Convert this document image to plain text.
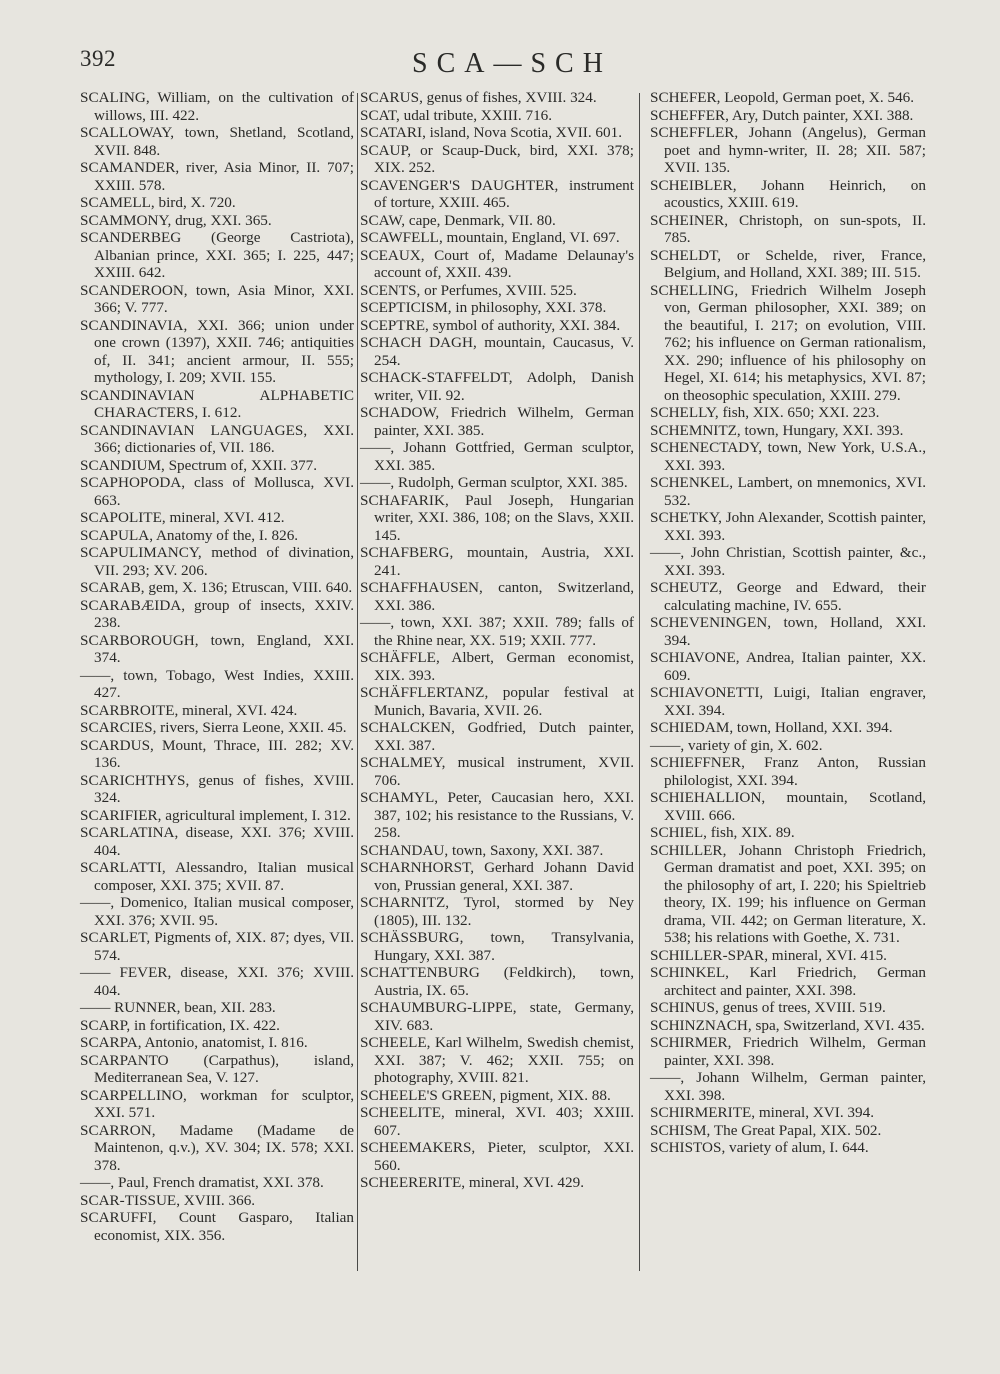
392	SCA—SCH

SCALING, William, on the cultivation of willows, III. 422.

SCALLOWAY, town, Shetland, Scotland, XVII. 848.

SCAMANDER, river, Asia Minor, II. 707; XXIII. 578.

SCAMELL, bird, X. 720.

SCAMMONY, drug, XXI. 365.

SCANDERBEG (George Castriota), Albanian prince, XXI. 365; I. 225, 447; XXIII. 642.

SCANDEROON, town, Asia Minor, XXI. 366; V. 777.

SCANDINAVIA, XXI. 366; union under one crown (1397), XXII. 746; antiquities of, II. 341; ancient armour, II. 555; mythology, I. 209; XVII. 155.

SCANDINAVIAN ALPHABETIC CHARACTERS, I. 612.

SCANDINAVIAN LANGUAGES, XXI. 366; dictionaries of, VII. 186.

SCANDIUM, Spectrum of, XXII. 377.

SCAPHOPODA, class of Mollusca, XVI. 663.

SCAPOLITE, mineral, XVI. 412.

SCAPULA, Anatomy of the, I. 826.

SCAPULIMANCY, method of divination, VII. 293; XV. 206.

SCARAB, gem, X. 136; Etruscan, VIII. 640.

SCARABÆIDA, group of insects, XXIV. 238.

SCARBOROUGH, town, England, XXI. 374.

——, town, Tobago, West Indies, XXIII. 427.

SCARBROITE, mineral, XVI. 424.

SCARCIES, rivers, Sierra Leone, XXII. 45.

SCARDUS, Mount, Thrace, III. 282; XV. 136.

SCARICHTHYS, genus of fishes, XVIII. 324.

SCARIFIER, agricultural implement, I. 312.

SCARLATINA, disease, XXI. 376; XVIII. 404.

SCARLATTI, Alessandro, Italian musical composer, XXI. 375; XVII. 87.

——, Domenico, Italian musical composer, XXI. 376; XVII. 95.

SCARLET, Pigments of, XIX. 87; dyes, VII. 574.

—— FEVER, disease, XXI. 376; XVIII. 404.

—— RUNNER, bean, XII. 283.

SCARP, in fortification, IX. 422.

SCARPA, Antonio, anatomist, I. 816.

SCARPANTO (Carpathus), island, Mediterranean Sea, V. 127.

SCARPELLINO, workman for sculptor, XXI. 571.

SCARRON, Madame (Madame de Maintenon, q.v.), XV. 304; IX. 578; XXI. 378.

——, Paul, French dramatist, XXI. 378.

SCAR-TISSUE, XVIII. 366.

SCARUFFI, Count Gasparo, Italian economist, XIX. 356.

SCARUS, genus of fishes, XVIII. 324.

SCAT, udal tribute, XXIII. 716.

SCATARI, island, Nova Scotia, XVII. 601.

SCAUP, or Scaup-Duck, bird, XXI. 378; XIX. 252.

SCAVENGER'S DAUGHTER, instrument of torture, XXIII. 465.

SCAW, cape, Denmark, VII. 80.

SCAWFELL, mountain, England, VI. 697.

SCEAUX, Court of, Madame Delaunay's account of, XXII. 439.

SCENTS, or Perfumes, XVIII. 525.

SCEPTICISM, in philosophy, XXI. 378.

SCEPTRE, symbol of authority, XXI. 384.

SCHACH DAGH, mountain, Caucasus, V. 254.

SCHACK-STAFFELDT, Adolph, Danish writer, VII. 92.

SCHADOW, Friedrich Wilhelm, German painter, XXI. 385.

——, Johann Gottfried, German sculptor, XXI. 385.

——, Rudolph, German sculptor, XXI. 385.

SCHAFARIK, Paul Joseph, Hungarian writer, XXI. 386, 108; on the Slavs, XXII. 145.

SCHAFBERG, mountain, Austria, XXI. 241.

SCHAFFHAUSEN, canton, Switzerland, XXI. 386.

——, town, XXI. 387; XXII. 789; falls of the Rhine near, XX. 519; XXII. 777.

SCHÄFFLE, Albert, German economist, XIX. 393.

SCHÄFFLERTANZ, popular festival at Munich, Bavaria, XVII. 26.

SCHALCKEN, Godfried, Dutch painter, XXI. 387.

SCHALMEY, musical instrument, XVII. 706.

SCHAMYL, Peter, Caucasian hero, XXI. 387, 102; his resistance to the Russians, V. 258.

SCHANDAU, town, Saxony, XXI. 387.

SCHARNHORST, Gerhard Johann David von, Prussian general, XXI. 387.

SCHARNITZ, Tyrol, stormed by Ney (1805), III. 132.

SCHÄSSBURG, town, Transylvania, Hungary, XXI. 387.

SCHATTENBURG (Feldkirch), town, Austria, IX. 65.

SCHAUMBURG-LIPPE, state, Germany, XIV. 683.

SCHEELE, Karl Wilhelm, Swedish chemist, XXI. 387; V. 462; XXII. 755; on photography, XVIII. 821.

SCHEELE'S GREEN, pigment, XIX. 88.

SCHEELITE, mineral, XVI. 403; XXIII. 607.

SCHEEMAKERS, Pieter, sculptor, XXI. 560.

SCHEERERITE, mineral, XVI. 429.

SCHEFER, Leopold, German poet, X. 546.

SCHEFFER, Ary, Dutch painter, XXI. 388.

SCHEFFLER, Johann (Angelus), German poet and hymn-writer, II. 28; XII. 587; XVII. 135.

SCHEIBLER, Johann Heinrich, on acoustics, XXIII. 619.

SCHEINER, Christoph, on sun-spots, II. 785.

SCHELDT, or Schelde, river, France, Belgium, and Holland, XXI. 389; III. 515.

SCHELLING, Friedrich Wilhelm Joseph von, German philosopher, XXI. 389; on the beautiful, I. 217; on evolution, VIII. 762; his influence on German rationalism, XX. 290; influence of his philosophy on Hegel, XI. 614; his metaphysics, XVI. 87; on theosophic speculation, XXIII. 279.

SCHELLY, fish, XIX. 650; XXI. 223.

SCHEMNITZ, town, Hungary, XXI. 393.

SCHENECTADY, town, New York, U.S.A., XXI. 393.

SCHENKEL, Lambert, on mnemonics, XVI. 532.

SCHETKY, John Alexander, Scottish painter, XXI. 393.

——, John Christian, Scottish painter, &c., XXI. 393.

SCHEUTZ, George and Edward, their calculating machine, IV. 655.

SCHEVENINGEN, town, Holland, XXI. 394.

SCHIAVONE, Andrea, Italian painter, XX. 609.

SCHIAVONETTI, Luigi, Italian engraver, XXI. 394.

SCHIEDAM, town, Holland, XXI. 394.

——, variety of gin, X. 602.

SCHIEFFNER, Franz Anton, Russian philologist, XXI. 394.

SCHIEHALLION, mountain, Scotland, XVIII. 666.

SCHIEL, fish, XIX. 89.

SCHILLER, Johann Christoph Friedrich, German dramatist and poet, XXI. 395; on the philosophy of art, I. 220; his Spieltrieb theory, IX. 199; his influence on German drama, VII. 442; on German literature, X. 538; his relations with Goethe, X. 731.

SCHILLER-SPAR, mineral, XVI. 415.

SCHINKEL, Karl Friedrich, German architect and painter, XXI. 398.

SCHINUS, genus of trees, XVIII. 519.

SCHINZNACH, spa, Switzerland, XVI. 435.

SCHIRMER, Friedrich Wilhelm, German painter, XXI. 398.

——, Johann Wilhelm, German painter, XXI. 398.

SCHIRMERITE, mineral, XVI. 394.

SCHISM, The Great Papal, XIX. 502.

SCHISTOS, variety of alum, I. 644.
